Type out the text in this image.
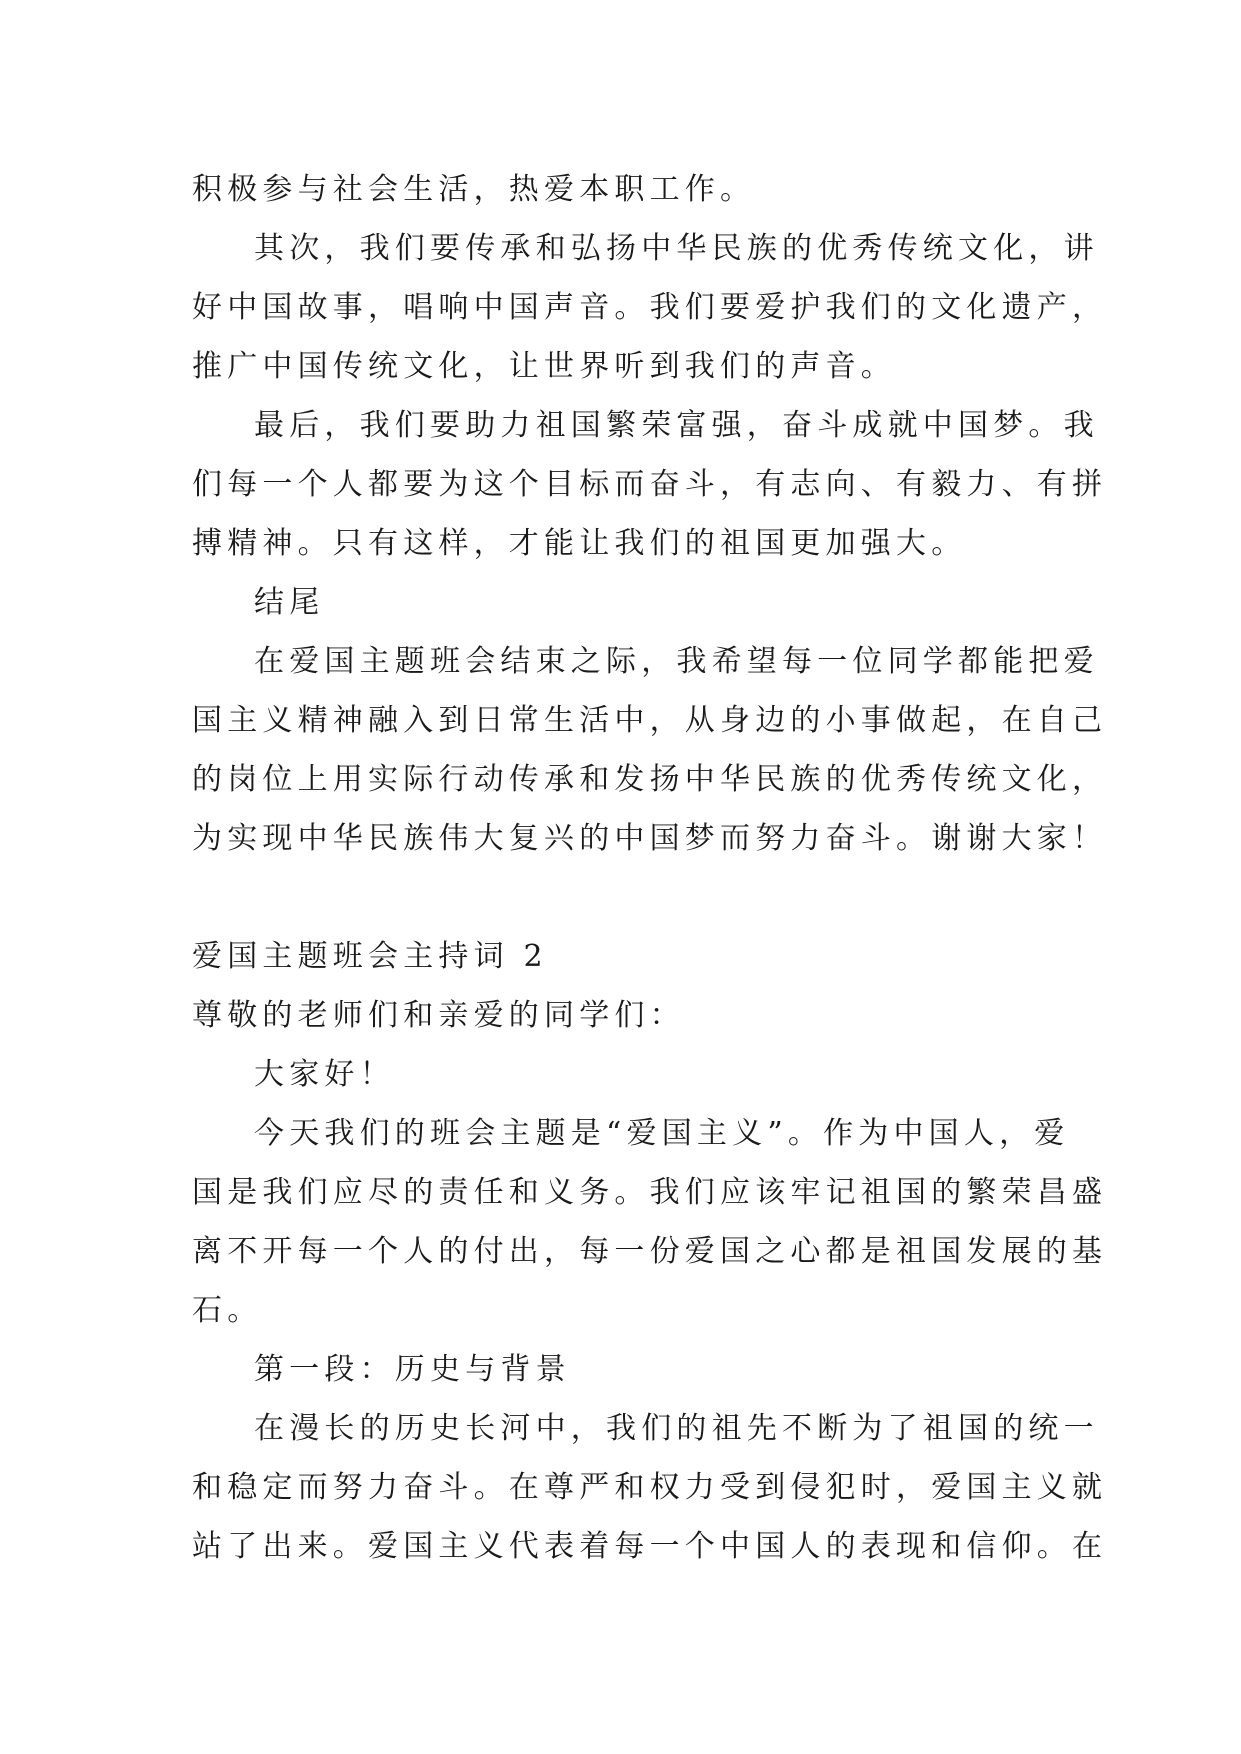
积极参与社会生活，热爱本职工作。
其次，我们要传承和弘扬中华民族的优秀传统文化，讲
好中国故事，唱响中国声音。我们要爱护我们的文化遗产，
推广中国传统文化，让世界听到我们的声音。
最后，我们要助力祖国繁荣富强，奋斗成就中国梦。我
们每一个人都要为这个目标而奋斗，有志向、有毅力、有拼
搏精神。只有这样，才能让我们的祖国更加强大。
结尾
在爱国主题班会结束之际，我希望每一位同学都能把爱
国主义精神融入到日常生活中，从身边的小事做起，在自己
的岗位上用实际行动传承和发扬中华民族的优秀传统文化，
为实现中华民族伟大复兴的中国梦而努力奋斗。谢谢大家！
爱国主题班会主持词 2
尊敬的老师们和亲爱的同学们：
大家好！
今天我们的班会主题是“爱国主义”。作为中国人，爱
国是我们应尽的责任和义务。我们应该牢记祖国的繁荣昌盛
离不开每一个人的付出，每一份爱国之心都是祖国发展的基
石。
第一段：历史与背景
在漫长的历史长河中，我们的祖先不断为了祖国的统一
和稳定而努力奋斗。在尊严和权力受到侵犯时，爱国主义就
站了出来。爱国主义代表着每一个中国人的表现和信仰。在
